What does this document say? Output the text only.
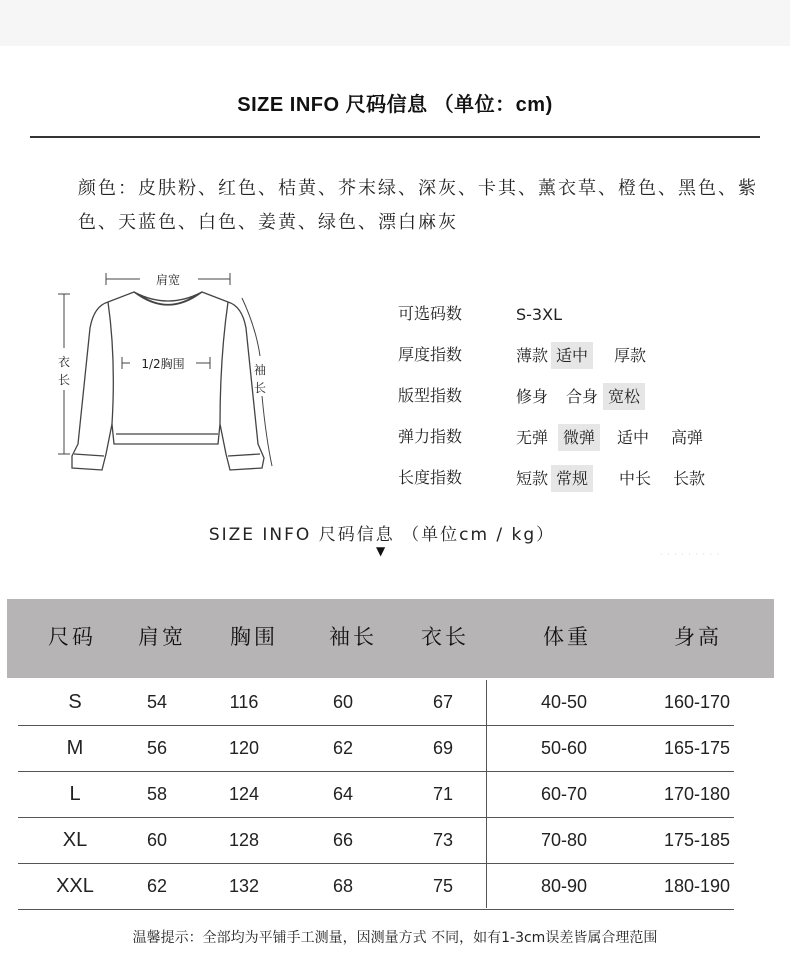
SIZE INFO 尺码信息 （单位：cm)
颜色：皮肤粉、红色、桔黄、芥末绿、深灰、卡其、薰衣草、橙色、黑色、紫色、天蓝色、白色、姜黄、绿色、漂白麻灰
肩宽
1/2胸围
衣
长
袖
长
可选码数	S-3XL
厚度指数	薄款 适中	厚款
版型指数	修身	合身 宽松
弹力指数	无弹 微弹	适中	高弹
长度指数	短款 常规	中长	长款
SIZE INFO 尺码信息 （单位cm / kg）
▼	· · · · · · · · ·
尺码 肩宽 胸围 袖长 衣长	体重	身高
S	54	116	60	67	40-50	160-170
M	56	120	62	69	50-60	165-175
L	58	124	64	71	60-70	170-180
XL	60	128	66	73	70-80	175-185
XXL	62	132	68	75	80-90	180-190
温馨提示：全部均为平铺手工测量，因测量方式 不同，如有1-3cm误差皆属合理范围
